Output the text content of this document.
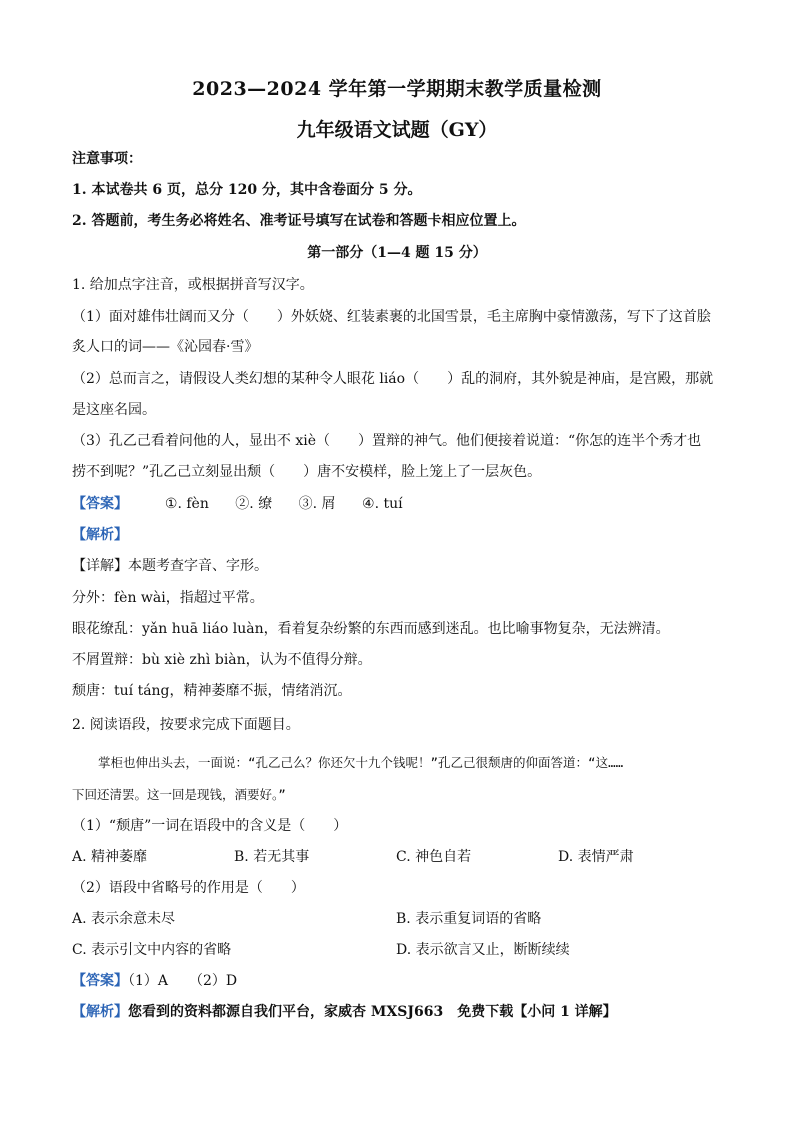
2023—2024 学年第一学期期末教学质量检测
九年级语文试题（GY）
注意事项：
1. 本试卷共 6 页，总分 120 分，其中含卷面分 5 分。
2. 答题前，考生务必将姓名、准考证号填写在试卷和答题卡相应位置上。
第一部分（1—4 题 15 分）
1. 给加点字注音，或根据拼音写汉字。
（1）面对雄伟壮阔而又分（　　）外妖娆、红装素裹的北国雪景，毛主席胸中豪情激荡，写下了这首脍
炙人口的词——《沁园春·雪》
（2）总而言之，请假设人类幻想的某种令人眼花 liáo（　　）乱的洞府，其外貌是神庙，是宫殿，那就
是这座名园。
（3）孔乙己看着问他的人，显出不 xiè（　　）置辩的神气。他们便接着说道：“你怎的连半个秀才也
捞不到呢？”孔乙己立刻显出颓（　　）唐不安模样，脸上笼上了一层灰色。
【答案】	①. fèn ②. 缭 ③. 屑 ④. tuí
【解析】
【详解】本题考查字音、字形。
分外：fèn wài，指超过平常。
眼花缭乱：yǎn huā liáo luàn，看着复杂纷繁的东西而感到迷乱。也比喻事物复杂，无法辨清。
不屑置辩：bù xiè zhì biàn，认为不值得分辩。
颓唐：tuí táng，精神萎靡不振，情绪消沉。
2. 阅读语段，按要求完成下面题目。
掌柜也伸出头去，一面说：“孔乙己么？你还欠十九个钱呢！”孔乙己很颓唐的仰面答道：“这……
下回还清罢。这一回是现钱，酒要好。”
（1）“颓唐”一词在语段中的含义是（　　）
A. 精神萎靡	B. 若无其事	C. 神色自若	D. 表情严肃
（2）语段中省略号的作用是（　　）
A. 表示余意未尽	B. 表示重复词语的省略
C. 表示引文中内容的省略	D. 表示欲言又止，断断续续
【答案】（1）A　　（2）D
【解析】您看到的资料都源自我们平台，家威杏 MXSJ663　免费下载【小问 1 详解】
